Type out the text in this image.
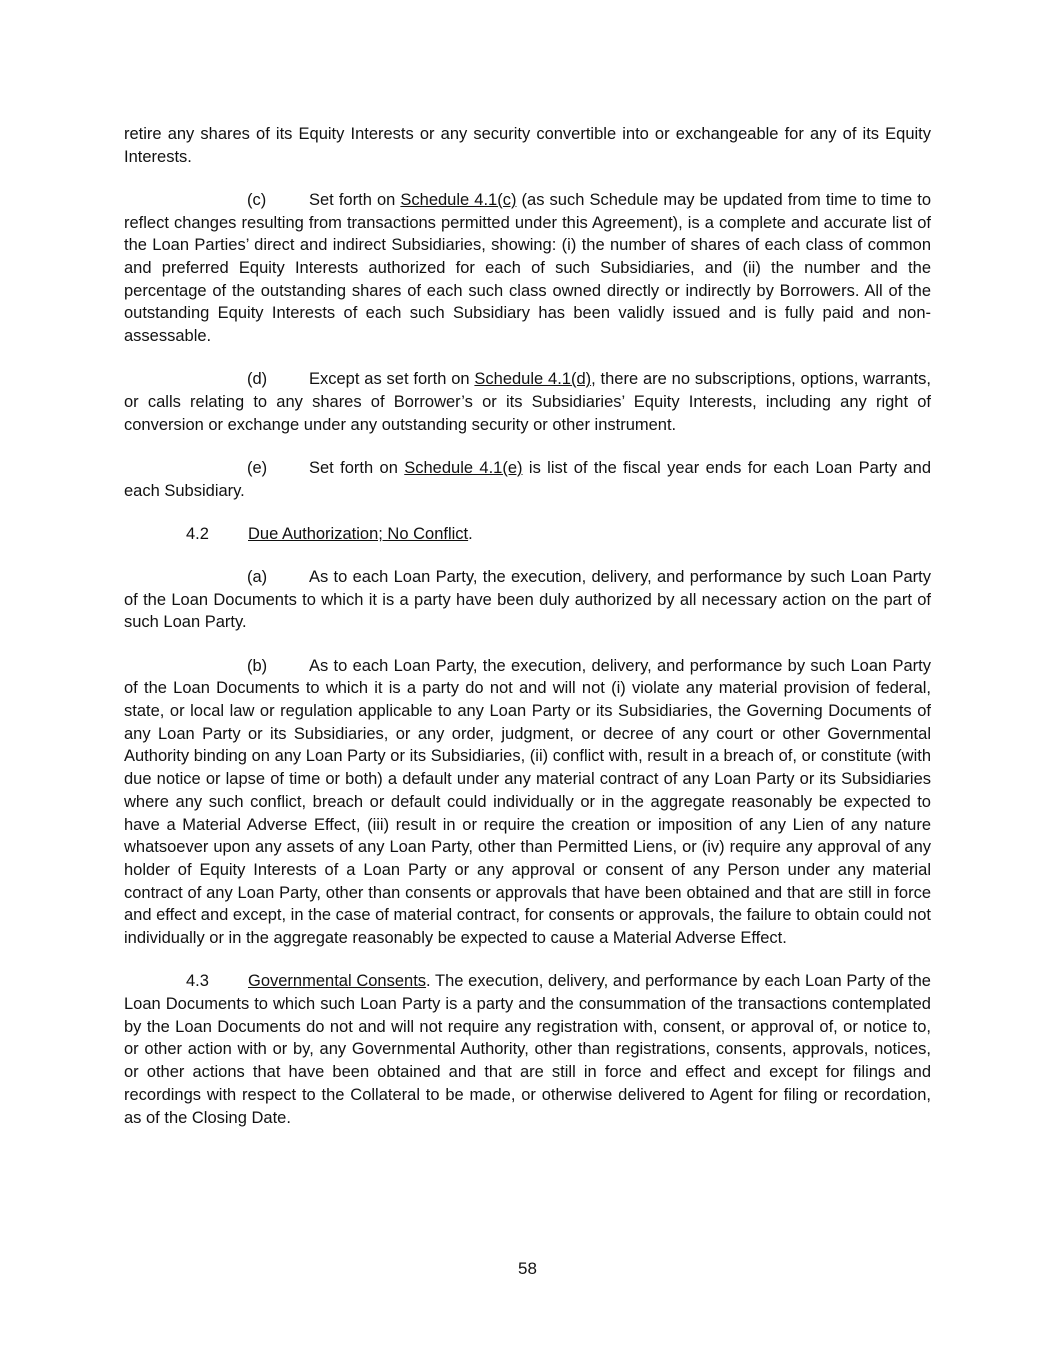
retire any shares of its Equity Interests or any security convertible into or exchangeable for any of its Equity Interests.

(c)	Set forth on Schedule 4.1(c) (as such Schedule may be updated from time to time to reflect changes resulting from transactions permitted under this Agreement), is a complete and accurate list of the Loan Parties’ direct and indirect Subsidiaries, showing: (i) the number of shares of each class of common and preferred Equity Interests authorized for each of such Subsidiaries, and (ii) the number and the percentage of the outstanding shares of each such class owned directly or indirectly by Borrowers. All of the outstanding Equity Interests of each such Subsidiary has been validly issued and is fully paid and non-assessable.

(d)	Except as set forth on Schedule 4.1(d), there are no subscriptions, options, warrants, or calls relating to any shares of Borrower’s or its Subsidiaries’ Equity Interests, including any right of conversion or exchange under any outstanding security or other instrument.

(e)	Set forth on Schedule 4.1(e) is list of the fiscal year ends for each Loan Party and each Subsidiary.

4.2 Due Authorization; No Conflict.

(a)	As to each Loan Party, the execution, delivery, and performance by such Loan Party of the Loan Documents to which it is a party have been duly authorized by all necessary action on the part of such Loan Party.

(b)	As to each Loan Party, the execution, delivery, and performance by such Loan Party of the Loan Documents to which it is a party do not and will not (i) violate any material provision of federal, state, or local law or regulation applicable to any Loan Party or its Subsidiaries, the Governing Documents of any Loan Party or its Subsidiaries, or any order, judgment, or decree of any court or other Governmental Authority binding on any Loan Party or its Subsidiaries, (ii) conflict with, result in a breach of, or constitute (with due notice or lapse of time or both) a default under any material contract of any Loan Party or its Subsidiaries where any such conflict, breach or default could individually or in the aggregate reasonably be expected to have a Material Adverse Effect, (iii) result in or require the creation or imposition of any Lien of any nature whatsoever upon any assets of any Loan Party, other than Permitted Liens, or (iv) require any approval of any holder of Equity Interests of a Loan Party or any approval or consent of any Person under any material contract of any Loan Party, other than consents or approvals that have been obtained and that are still in force and effect and except, in the case of material contract, for consents or approvals, the failure to obtain could not individually or in the aggregate reasonably be expected to cause a Material Adverse Effect.

4.3 Governmental Consents. The execution, delivery, and performance by each Loan Party of the Loan Documents to which such Loan Party is a party and the consummation of the transactions contemplated by the Loan Documents do not and will not require any registration with, consent, or approval of, or notice to, or other action with or by, any Governmental Authority, other than registrations, consents, approvals, notices, or other actions that have been obtained and that are still in force and effect and except for filings and recordings with respect to the Collateral to be made, or otherwise delivered to Agent for filing or recordation, as of the Closing Date.

58
